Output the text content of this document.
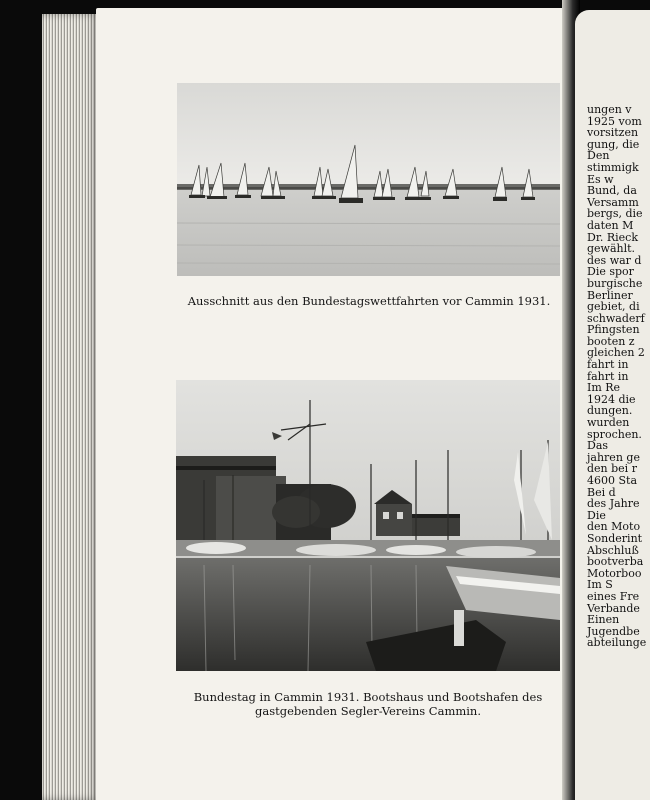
Ausschnitt aus den Bundestagswettfahrten vor Cammin 1931.
Bundestag in Cammin 1931. Bootshaus und Bootshafen des
gastgebenden Segler-Vereins Cammin.
ungen v
1925 vom
vorsitzen
gung, die
Den
stimmigk
Es w
Bund, da
Versamm
bergs, die
daten M
Dr. Rieck
gewählt.
des war d
Die spor
burgische
Berliner
gebiet, di
schwaderf
Pfingsten
booten z
gleichen 2
fahrt in
fahrt in
Im Re
1924 die
dungen.
wurden
sprochen.
Das
jahren ge
den bei r
4600 Sta
Bei d
des Jahre
Die
den Moto
Sonderint
Abschluß
bootverba
Motorboo
Im S
eines Fre
Verbande
Einen
Jugendbe
abteilunge
